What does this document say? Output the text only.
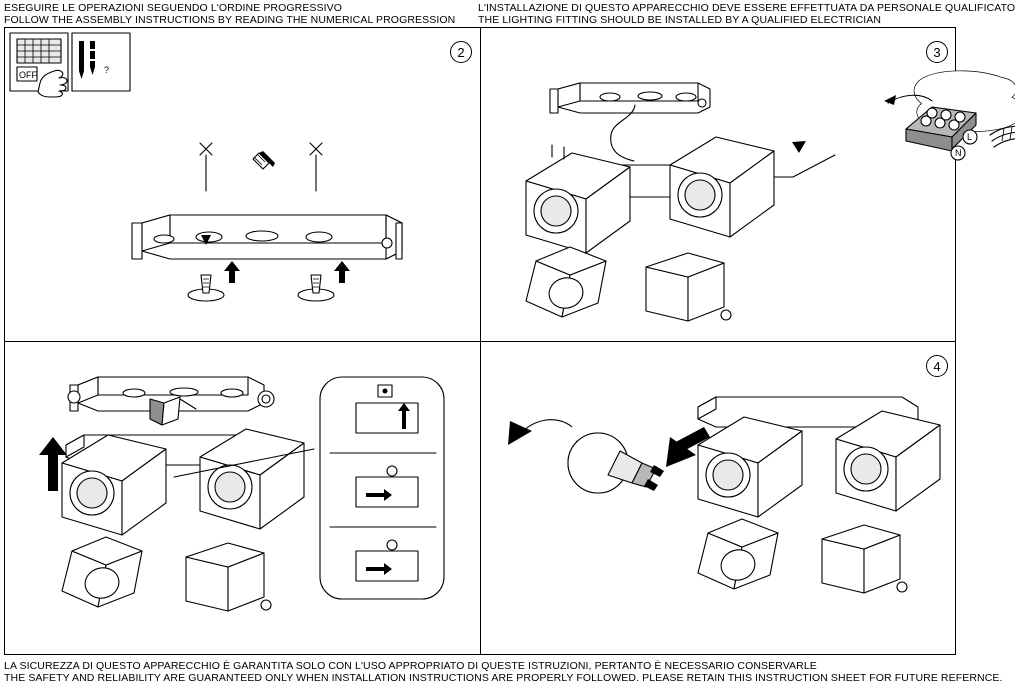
ESEGUIRE LE OPERAZIONI SEGUENDO L'ORDINE PROGRESSIVO
FOLLOW THE ASSEMBLY INSTRUCTIONS BY READING THE NUMERICAL PROGRESSION
L'INSTALLAZIONE DI QUESTO APPARECCHIO DEVE ESSERE EFFETTUATA DA PERSONALE QUALIFICATO
THE LIGHTING FITTING SHOULD BE INSTALLED BY A QUALIFIED ELECTRICIAN
OFF	?
2
L
N
3
4
LA SICUREZZA DI QUESTO APPARECCHIO È GARANTITA SOLO CON L'USO APPROPRIATO DI QUESTE ISTRUZIONI, PERTANTO È NECESSARIO CONSERVARLE
THE SAFETY AND RELIABILITY ARE GUARANTEED ONLY WHEN INSTALLATION INSTRUCTIONS ARE PROPERLY FOLLOWED. PLEASE RETAIN THIS INSTRUCTION SHEET FOR FUTURE REFERNCE.
